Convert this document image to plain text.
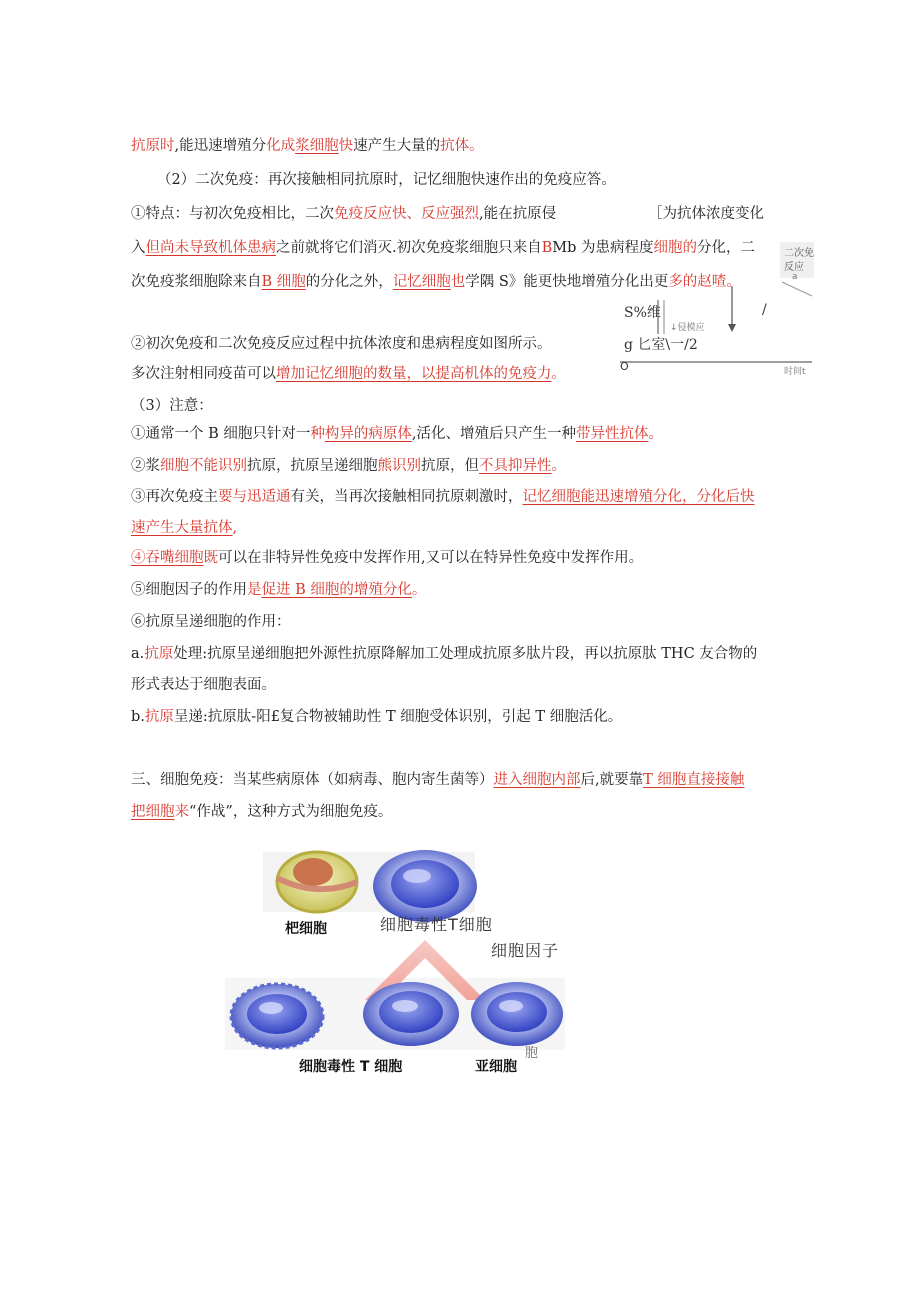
抗原时,能迅速增殖分化成浆细胞快速产生大量的抗体。
（2）二次免疫：再次接触相同抗原时，记忆细胞快速作出的免疫应答。
①特点：与初次免疫相比，二次免疫反应快、反应强烈,能在抗原侵	［为抗体浓度变化
入但尚未导致机体患病之前就将它们消灭.初次免疫浆细胞只来自BMb 为患病程度细胞的分化，二
次免疫浆细胞除来自B 细胞的分化之外，记忆细胞也学隅 S》能更快地增殖分化出更多的赵喳。
②初次免疫和二次免疫反应过程中抗体浓度和患病程度如图所示。
多次注射相同疫苗可以增加记忆细胞的数量，以提高机体的免疫力。
（3）注意：
①通常一个 B 细胞只针对一种构异的病原体,活化、增殖后只产生一种带异性抗体。
②浆细胞不能识别抗原，抗原呈递细胞熊识别抗原，但不具抑异性。
③再次免疫主要与迅适通有关，当再次接触相同抗原刺激时，记忆细胞能迅速增殖分化，分化后快
速产生大量抗体,
④吞嘴细胞既可以在非特异性免疫中发挥作用,又可以在特异性免疫中发挥作用。
⑤细胞因子的作用是促进 B 细胞的增殖分化。
⑥抗原呈递细胞的作用：
a.抗原处理:抗原呈递细胞把外源性抗原降解加工处理成抗原多肽片段，再以抗原肽 THC 友合物的
形式表达于细胞表面。
b.抗原呈递:抗原肽-阳£复合物被辅助性 T 细胞受体识别，引起 T 细胞活化。
三、细胞免疫：当某些病原体（如病毒、胞内寄生菌等）进入细胞内部后,就要靠T 细胞直接接触
把细胞来“作战”，这种方式为细胞免疫。
二次免
反应
a
S%维
↓侵模应
/
g 匕室\一/2
O	时间t
杷细胞	细胞毒性T细胞
细胞因子
胞
细胞毒性 T 细胞	亚细胞
